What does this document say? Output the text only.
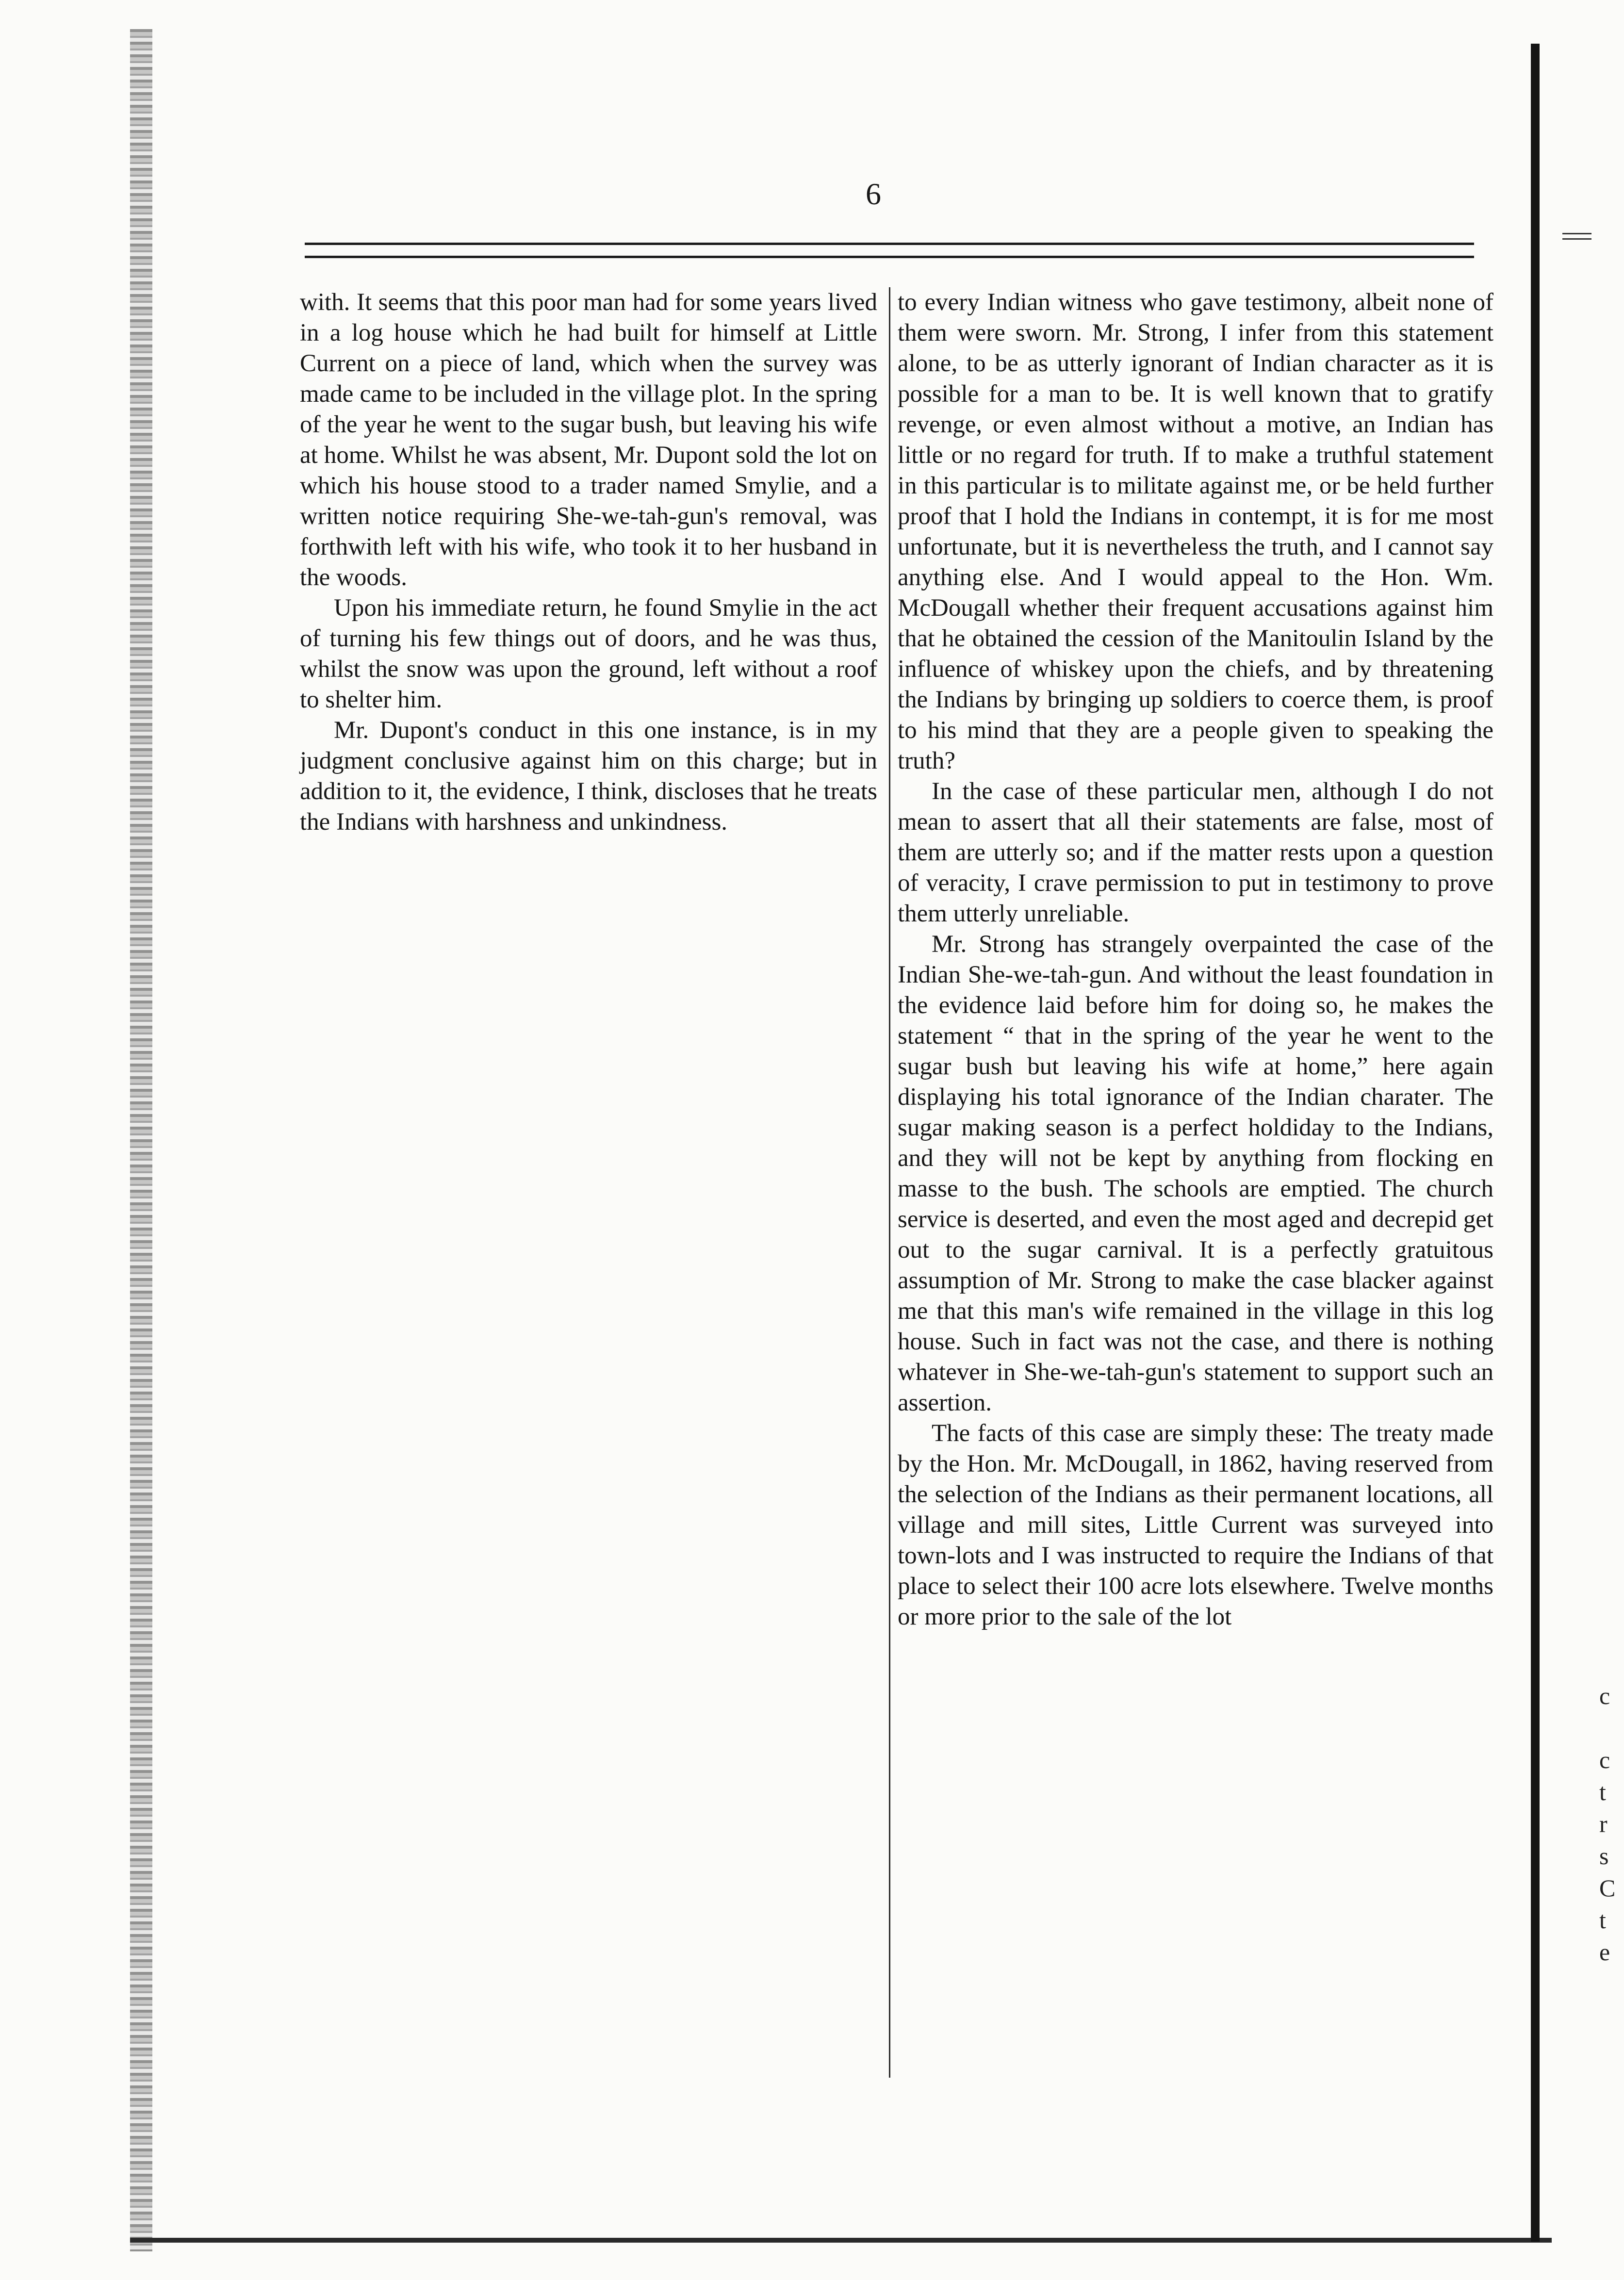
c
c
t
r
s
C
t
e
6

with. It seems that this poor man had for some years lived in a log house which he had built for himself at Little Current on a piece of land, which when the survey was made came to be included in the village plot. In the spring of the year he went to the sugar bush, but leaving his wife at home. Whilst he was absent, Mr. Dupont sold the lot on which his house stood to a trader named Smylie, and a written notice requiring She-we-tah-gun's removal, was forthwith left with his wife, who took it to her husband in the woods.

Upon his immediate return, he found Smylie in the act of turning his few things out of doors, and he was thus, whilst the snow was upon the ground, left without a roof to shelter him.

Mr. Dupont's conduct in this one instance, is in my judgment conclusive against him on this charge; but in addition to it, the evidence, I think, discloses that he treats the Indians with harshness and unkindness.

to every Indian witness who gave testimony, albeit none of them were sworn. Mr. Strong, I infer from this statement alone, to be as utterly ignorant of Indian character as it is possible for a man to be. It is well known that to gratify revenge, or even almost without a motive, an Indian has little or no regard for truth. If to make a truthful statement in this particular is to militate against me, or be held further proof that I hold the Indians in contempt, it is for me most unfortunate, but it is nevertheless the truth, and I cannot say anything else. And I would appeal to the Hon. Wm. McDougall whether their frequent accusations against him that he obtained the cession of the Manitoulin Island by the influence of whiskey upon the chiefs, and by threatening the Indians by bringing up soldiers to coerce them, is proof to his mind that they are a people given to speaking the truth?

In the case of these particular men, although I do not mean to assert that all their statements are false, most of them are utterly so; and if the matter rests upon a question of veracity, I crave permission to put in testimony to prove them utterly unreliable.

Mr. Strong has strangely overpainted the case of the Indian She-we-tah-gun. And without the least foundation in the evidence laid before him for doing so, he makes the statement “ that in the spring of the year he went to the sugar bush but leaving his wife at home,” here again displaying his total ignorance of the Indian charater. The sugar making season is a perfect holdiday to the Indians, and they will not be kept by anything from flocking en masse to the bush. The schools are emptied. The church service is deserted, and even the most aged and decrepid get out to the sugar carnival. It is a perfectly gratuitous assumption of Mr. Strong to make the case blacker against me that this man's wife remained in the village in this log house. Such in fact was not the case, and there is nothing whatever in She-we-tah-gun's statement to support such an assertion.

The facts of this case are simply these: The treaty made by the Hon. Mr. McDougall, in 1862, having reserved from the selection of the Indians as their permanent locations, all village and mill sites, Little Current was surveyed into town-lots and I was instructed to require the Indians of that place to select their 100 acre lots elsewhere. Twelve months or more prior to the sale of the lot
